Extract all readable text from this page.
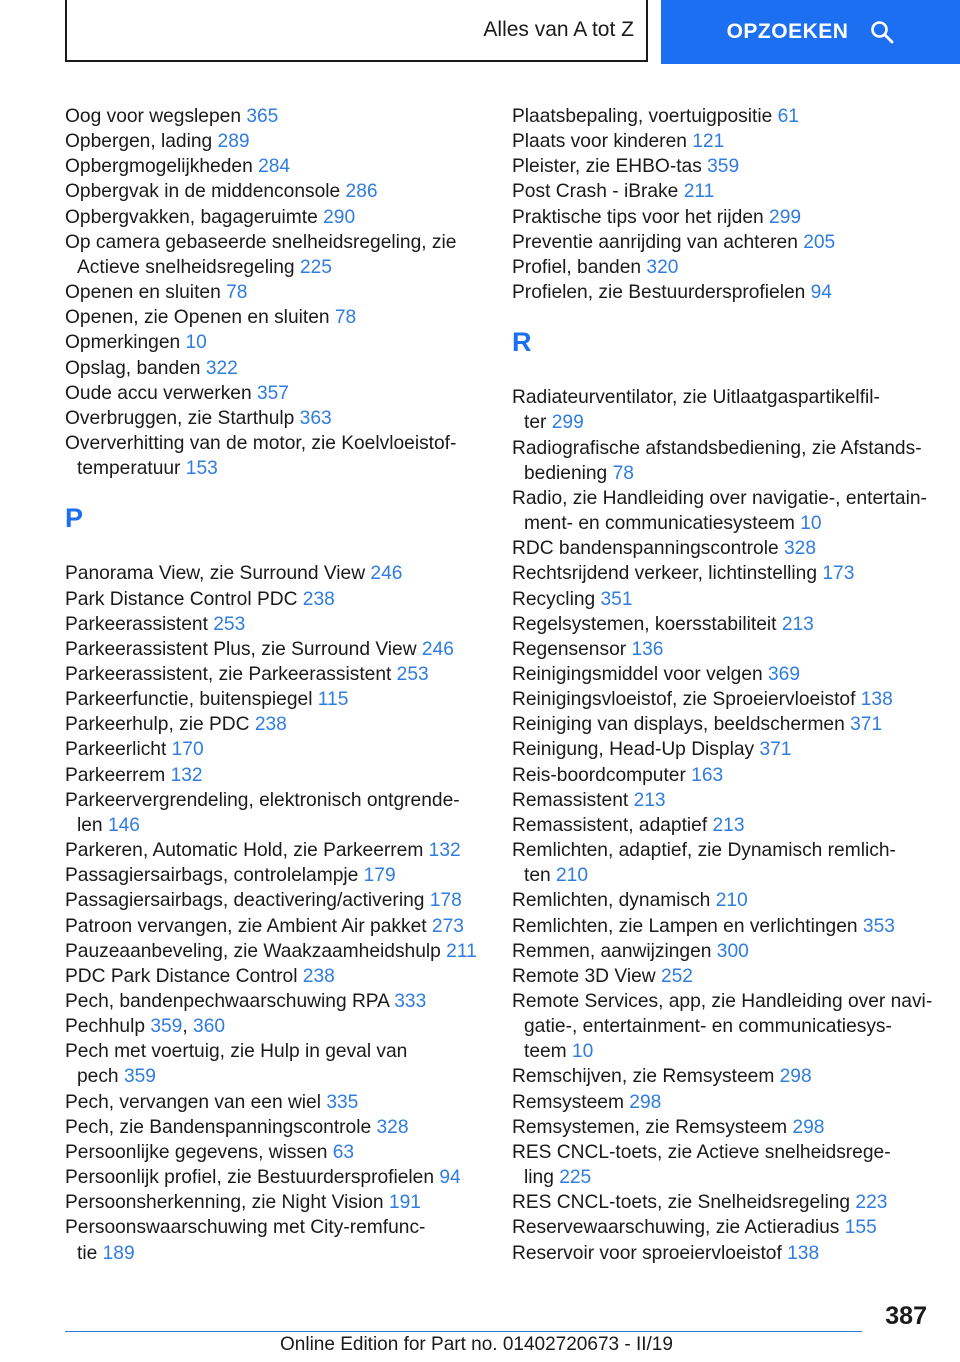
Alles van A tot Z	OPZOEKEN
Oog voor wegslepen 365
Opbergen, lading 289
Opbergmogelijkheden 284
Opbergvak in de middenconsole 286
Opbergvakken, bagageruimte 290
Op camera gebaseerde snelheidsregeling, zie
Actieve snelheidsregeling 225
Openen en sluiten 78
Openen, zie Openen en sluiten 78
Opmerkingen 10
Opslag, banden 322
Oude accu verwerken 357
Overbruggen, zie Starthulp 363
Oververhitting van de motor, zie Koelvloeistof-
temperatuur 153
P
Panorama View, zie Surround View 246
Park Distance Control PDC 238
Parkeerassistent 253
Parkeerassistent Plus, zie Surround View 246
Parkeerassistent, zie Parkeerassistent 253
Parkeerfunctie, buitenspiegel 115
Parkeerhulp, zie PDC 238
Parkeerlicht 170
Parkeerrem 132
Parkeervergrendeling, elektronisch ontgrende-
len 146
Parkeren, Automatic Hold, zie Parkeerrem 132
Passagiersairbags, controlelampje 179
Passagiersairbags, deactivering/activering 178
Patroon vervangen, zie Ambient Air pakket 273
Pauzeaanbeveling, zie Waakzaamheidshulp 211
PDC Park Distance Control 238
Pech, bandenpechwaarschuwing RPA 333
Pechhulp 359, 360
Pech met voertuig, zie Hulp in geval van
pech 359
Pech, vervangen van een wiel 335
Pech, zie Bandenspanningscontrole 328
Persoonlijke gegevens, wissen 63
Persoonlijk profiel, zie Bestuurdersprofielen 94
Persoonsherkenning, zie Night Vision 191
Persoonswaarschuwing met City-remfunc-
tie 189
Plaatsbepaling, voertuigpositie 61
Plaats voor kinderen 121
Pleister, zie EHBO-tas 359
Post Crash - iBrake 211
Praktische tips voor het rijden 299
Preventie aanrijding van achteren 205
Profiel, banden 320
Profielen, zie Bestuurdersprofielen 94
R
Radiateurventilator, zie Uitlaatgaspartikelfil-
ter 299
Radiografische afstandsbediening, zie Afstands-
bediening 78
Radio, zie Handleiding over navigatie-, entertain-
ment- en communicatiesysteem 10
RDC bandenspanningscontrole 328
Rechtsrijdend verkeer, lichtinstelling 173
Recycling 351
Regelsystemen, koersstabiliteit 213
Regensensor 136
Reinigingsmiddel voor velgen 369
Reinigingsvloeistof, zie Sproeiervloeistof 138
Reiniging van displays, beeldschermen 371
Reinigung, Head-Up Display 371
Reis-boordcomputer 163
Remassistent 213
Remassistent, adaptief 213
Remlichten, adaptief, zie Dynamisch remlich-
ten 210
Remlichten, dynamisch 210
Remlichten, zie Lampen en verlichtingen 353
Remmen, aanwijzingen 300
Remote 3D View 252
Remote Services, app, zie Handleiding over navi-
gatie-, entertainment- en communicatiesys-
teem 10
Remschijven, zie Remsysteem 298
Remsysteem 298
Remsystemen, zie Remsysteem 298
RES CNCL-toets, zie Actieve snelheidsrege-
ling 225
RES CNCL-toets, zie Snelheidsregeling 223
Reservewaarschuwing, zie Actieradius 155
Reservoir voor sproeiervloeistof 138
387
Online Edition for Part no. 01402720673 - II/19
